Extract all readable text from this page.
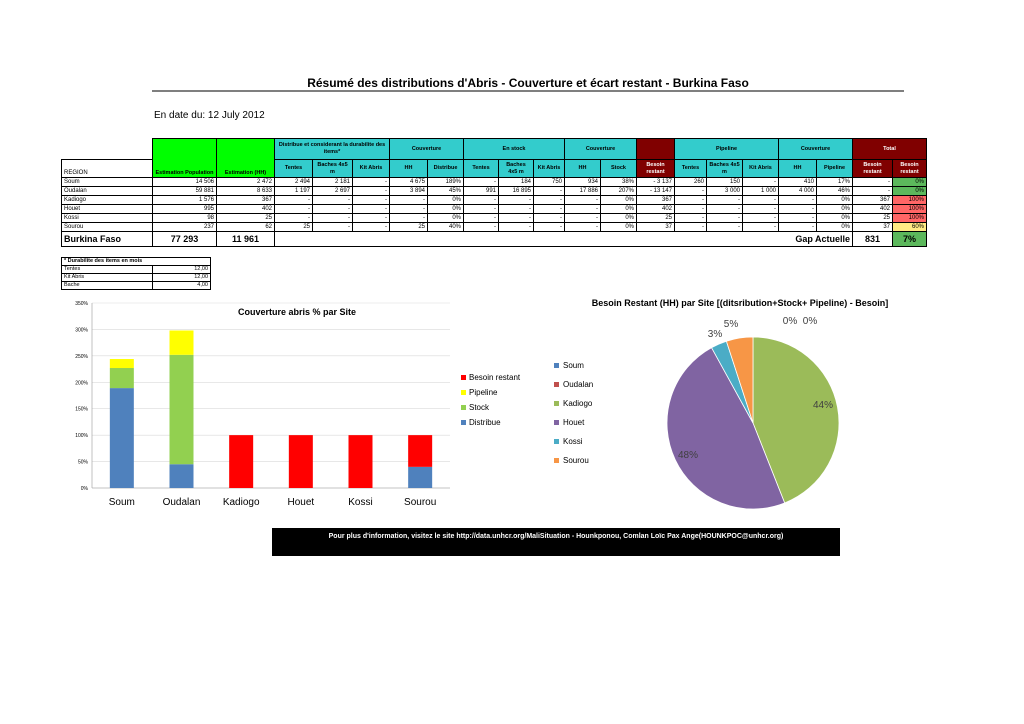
Résumé des distributions d'Abris - Couverture et écart restant - Burkina Faso
En date du: 12 July 2012
	Estimation Population	Estimation (HH)	Distribue et considerant la durabilite des items*			Couverture		En stock			Couverture			Pipeline			Couverture		Total	
REGION			Tentes	Baches 4x5 m	Kit Abris	HH	Distribue	Tentes	Baches 4x5 m	Kit Abris	HH	Stock	Besoin restant	Tentes	Baches 4x5 m	Kit Abris	HH	Pipeline	Besoin restant	Besoin restant
Soum	14 506	2 472	2 494	2 181	-	4 675	189%	-	184	750	934	38%	- 3 137	260	150	-	410	17%	-	0%
Oudalan	59 881	8 633	1 197	2 697	-	3 894	45%	991	16 895	-	17 886	207%	- 13 147	-	3 000	1 000	4 000	46%	-	0%
Kadiogo	1 576	367	-	-	-	-	0%	-	-	-	-	0%	367	-	-	-	-	0%	367	100%
Houet	995	402	-	-	-	-	0%	-	-	-	-	0%	402	-	-	-	-	0%	402	100%
Kossi	98	25	-	-	-	-	0%	-	-	-	-	0%	25	-	-	-	-	0%	25	100%
Sourou	237	62	25	-	-	25	40%	-	-	-	-	0%	37	-	-	-	-	0%	37	60%
Burkina Faso	77 293	11 961	Gap Actuelle																831	7%
* Durabilite des items en mois	
Tentes	12,00
Kit Abris	12,00
Bache	4,00
Couverture abris % par Site
0%
50%
100%
150%
200%
250%
300%
350%
Soum	Oudalan Kadiogo	Houet	Kossi	Sourou
Besoin restant
Pipeline
Stock
Distribue
Besoin Restant (HH) par Site [(ditsribution+Stock+ Pipeline) - Besoin]
0% 0%
44%
48%
3%
5%
Soum
Oudalan
Kadiogo
Houet
Kossi
Sourou
Pour plus d'information, visitez le site http://data.unhcr.org/MaliSituation - Hounkponou, Comlan Loïc Pax Ange(HOUNKPOC@unhcr.org)
